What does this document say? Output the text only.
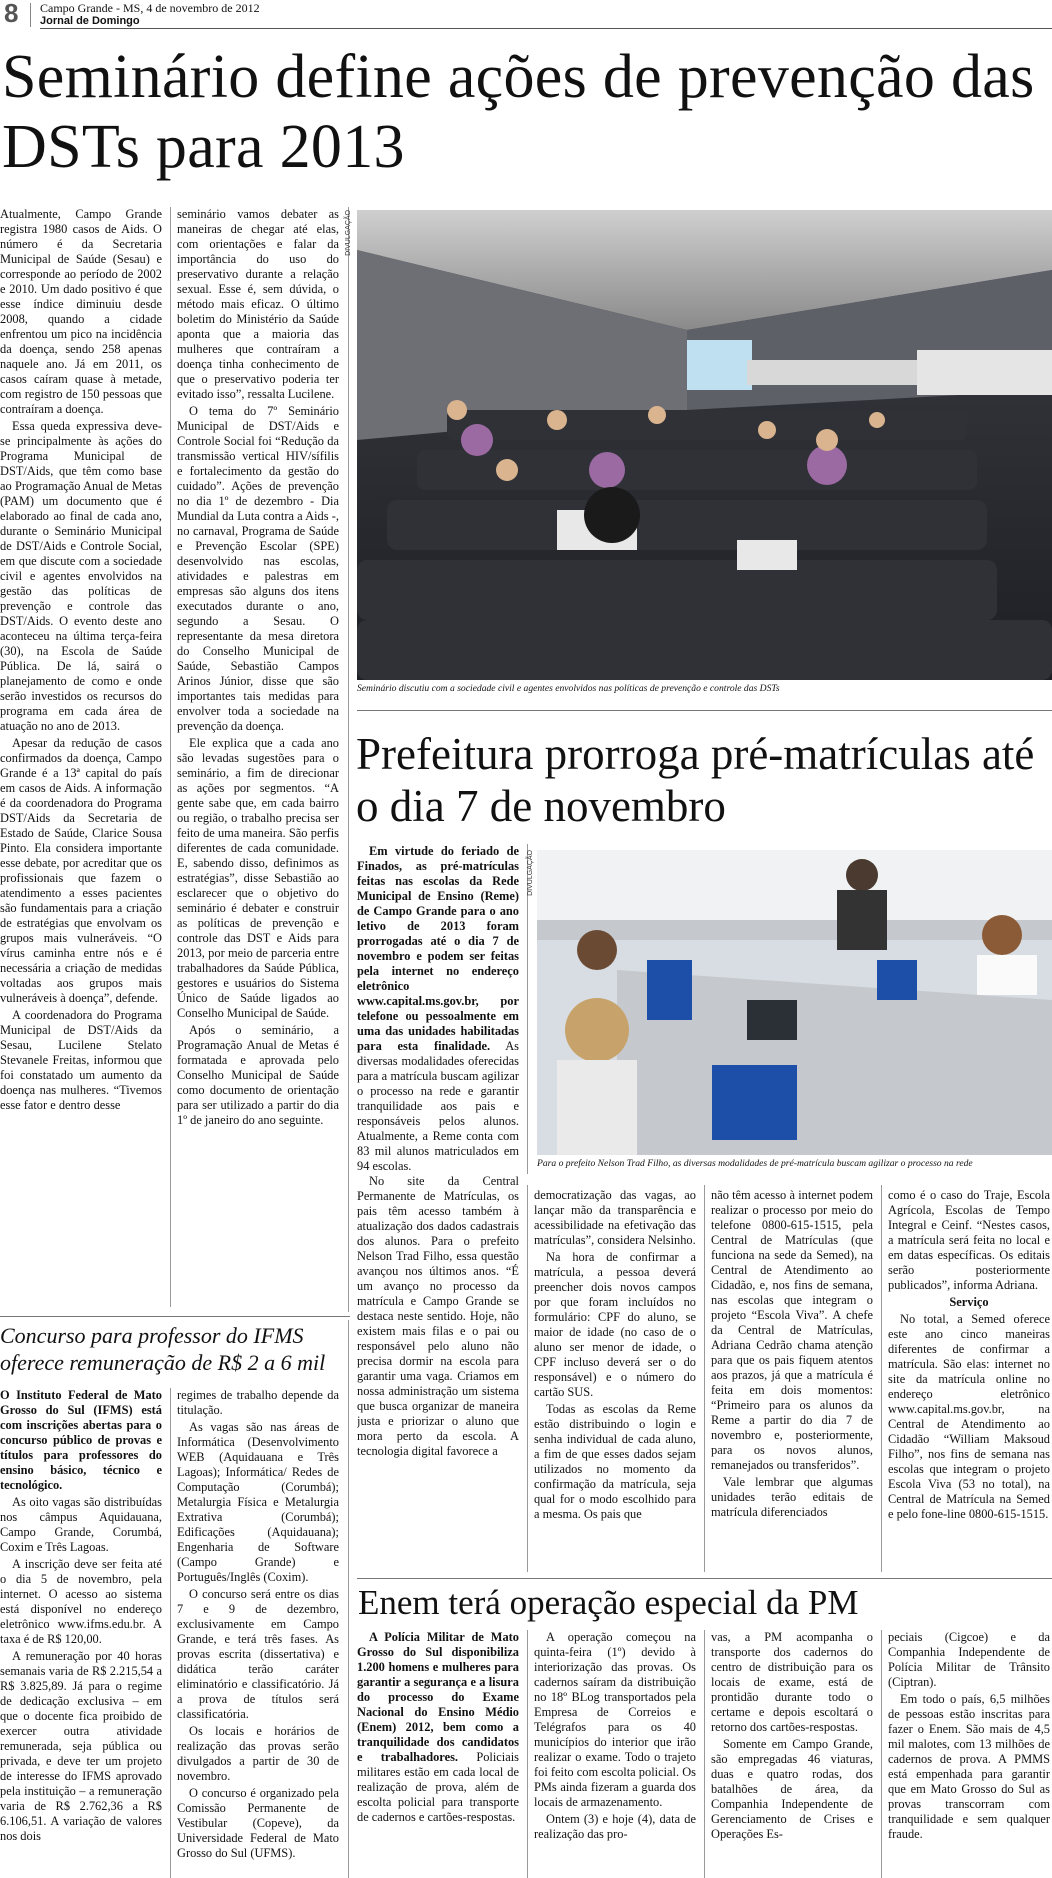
8 Campo Grande - MS, 4 de novembro de 2012
Jornal de Domingo
Seminário define ações de prevenção das DSTs para 2013

Atualmente, Campo Grande registra 1980 casos de Aids. O número é da Secretaria Municipal de Saúde (Sesau) e corresponde ao período de 2002 e 2010. Um dado positivo é que esse índice diminuiu desde 2008, quando a cidade enfrentou um pico na incidência da doença, sendo 258 apenas naquele ano. Já em 2011, os casos caíram quase à metade, com registro de 150 pessoas que contraíram a doença.

Essa queda expressiva deve-se principalmente às ações do Programa Municipal de DST/Aids, que têm como base ao Programação Anual de Metas (PAM) um documento que é elaborado ao final de cada ano, durante o Seminário Municipal de DST/Aids e Controle Social, em que discute com a sociedade civil e agentes envolvidos na gestão das políticas de prevenção e controle das DST/Aids. O evento deste ano aconteceu na última terça-feira (30), na Escola de Saúde Pública. De lá, sairá o planejamento de como e onde serão investidos os recursos do programa em cada área de atuação no ano de 2013.

Apesar da redução de casos confirmados da doença, Campo Grande é a 13ª capital do país em casos de Aids. A informação é da coordenadora do Programa DST/Aids da Secretaria de Estado de Saúde, Clarice Sousa Pinto. Ela considera importante esse debate, por acreditar que os profissionais que fazem o atendimento a esses pacientes são fundamentais para a criação de estratégias que envolvam os grupos mais vulneráveis. “O vírus caminha entre nós e é necessária a criação de medidas voltadas aos grupos mais vulneráveis à doença”, defende.

A coordenadora do Programa Municipal de DST/Aids da Sesau, Lucilene Stelato Stevanele Freitas, informou que foi constatado um aumento da doença nas mulheres. “Tivemos esse fator e dentro desse

seminário vamos debater as maneiras de chegar até elas, com orientações e falar da importância do uso do preservativo durante a relação sexual. Esse é, sem dúvida, o método mais eficaz. O último boletim do Ministério da Saúde aponta que a maioria das mulheres que contraíram a doença tinha conhecimento de que o preservativo poderia ter evitado isso”, ressalta Lucilene.

O tema do 7º Seminário Municipal de DST/Aids e Controle Social foi “Redução da transmissão vertical HIV/sífilis e fortalecimento da gestão do cuidado”. Ações de prevenção no dia 1º de dezembro - Dia Mundial da Luta contra a Aids -, no carnaval, Programa de Saúde e Prevenção Escolar (SPE) desenvolvido nas escolas, atividades e palestras em empresas são alguns dos itens executados durante o ano, segundo a Sesau. O representante da mesa diretora do Conselho Municipal de Saúde, Sebastião Campos Arinos Júnior, disse que são importantes tais medidas para envolver toda a sociedade na prevenção da doença.

Ele explica que a cada ano são levadas sugestões para o seminário, a fim de direcionar as ações por segmentos. “A gente sabe que, em cada bairro ou região, o trabalho precisa ser feito de uma maneira. São perfis diferentes de cada comunidade. E, sabendo disso, definimos as estratégias”, disse Sebastião ao esclarecer que o objetivo do seminário é debater e construir as políticas de prevenção e controle das DST e Aids para 2013, por meio de parceria entre trabalhadores da Saúde Pública, gestores e usuários do Sistema Único de Saúde ligados ao Conselho Municipal de Saúde.

Após o seminário, a Programação Anual de Metas é formatada e aprovada pelo Conselho Municipal de Saúde como documento de orientação para ser utilizado a partir do dia 1º de janeiro do ano seguinte.

DIVULGAÇÃO
Seminário discutiu com a sociedade civil e agentes envolvidos nas políticas de prevenção e controle das DSTs
Prefeitura prorroga pré-matrículas até o dia 7 de novembro

Em virtude do feriado de Finados, as pré-matrículas feitas nas escolas da Rede Municipal de Ensino (Reme) de Campo Grande para o ano letivo de 2013 foram prorrogadas até o dia 7 de novembro e podem ser feitas pela internet no endereço eletrônico www.capital.ms.gov.br, por telefone ou pessoalmente em uma das unidades habilitadas para esta finalidade. As diversas modalidades oferecidas para a matrícula buscam agilizar o processo na rede e garantir tranquilidade aos pais e responsáveis pelos alunos. Atualmente, a Reme conta com 83 mil alunos matriculados em 94 escolas.

DIVULGAÇÃO
Para o prefeito Nelson Trad Filho, as diversas modalidades de pré-matrícula buscam agilizar o processo na rede

No site da Central Permanente de Matrículas, os pais têm acesso também à atualização dos dados cadastrais dos alunos. Para o prefeito Nelson Trad Filho, essa questão avançou nos últimos anos. “É um avanço no processo da matrícula e Campo Grande se destaca neste sentido. Hoje, não existem mais filas e o pai ou responsável pelo aluno não precisa dormir na escola para garantir uma vaga. Criamos em nossa administração um sistema que busca organizar de maneira justa e priorizar o aluno que mora perto da escola. A tecnologia digital favorece a

democratização das vagas, ao lançar mão da transparência e acessibilidade na efetivação das matrículas”, considera Nelsinho.

Na hora de confirmar a matrícula, a pessoa deverá preencher dois novos campos por que foram incluídos no formulário: CPF do aluno, se maior de idade (no caso de o aluno ser menor de idade, o CPF incluso deverá ser o do responsável) e o número do cartão SUS.

Todas as escolas da Reme estão distribuindo o login e senha individual de cada aluno, a fim de que esses dados sejam utilizados no momento da confirmação da matrícula, seja qual for o modo escolhido para a mesma. Os pais que

não têm acesso à internet podem realizar o processo por meio do telefone 0800-615-1515, pela Central de Matrículas (que funciona na sede da Semed), na Central de Atendimento ao Cidadão, e, nos fins de semana, nas escolas que integram o projeto “Escola Viva”. A chefe da Central de Matrículas, Adriana Cedrão chama atenção para que os pais fiquem atentos aos prazos, já que a matrícula é feita em dois momentos: “Primeiro para os alunos da Reme a partir do dia 7 de novembro e, posteriormente, para os novos alunos, remanejados ou transferidos”.

Vale lembrar que algumas unidades terão editais de matrícula diferenciados

como é o caso do Traje, Escola Agrícola, Escolas de Tempo Integral e Ceinf. “Nestes casos, a matrícula será feita no local e em datas específicas. Os editais serão posteriormente publicados”, informa Adriana.

Serviço

No total, a Semed oferece este ano cinco maneiras diferentes de confirmar a matrícula. São elas: internet no site da matrícula online no endereço eletrônico www.capital.ms.gov.br, na Central de Atendimento ao Cidadão “William Maksoud Filho”, nos fins de semana nas escolas que integram o projeto Escola Viva (53 no total), na Central de Matrícula na Semed e pelo fone-line 0800-615-1515.

Concurso para professor do IFMS oferece remuneração de R$ 2 a 6 mil

O Instituto Federal de Mato Grosso do Sul (IFMS) está com inscrições abertas para o concurso público de provas e títulos para professores do ensino básico, técnico e tecnológico.

As oito vagas são distribuídas nos câmpus Aquidauana, Campo Grande, Corumbá, Coxim e Três Lagoas.

A inscrição deve ser feita até o dia 5 de novembro, pela internet. O acesso ao sistema está disponível no endereço eletrônico www.ifms.edu.br. A taxa é de R$ 120,00.

A remuneração por 40 horas semanais varia de R$ 2.215,54 a R$ 3.825,89. Já para o regime de dedicação exclusiva – em que o docente fica proibido de exercer outra atividade remunerada, seja pública ou privada, e deve ter um projeto de interesse do IFMS aprovado pela instituição – a remuneração varia de R$ 2.762,36 a R$ 6.106,51. A variação de valores nos dois

regimes de trabalho depende da titulação.

As vagas são nas áreas de Informática (Desenvolvimento WEB (Aquidauana e Três Lagoas); Informática/ Redes de Computação (Corumbá); Metalurgia Física e Metalurgia Extrativa (Corumbá); Edificações (Aquidauana); Engenharia de Software (Campo Grande) e Português/Inglês (Coxim).

O concurso será entre os dias 7 e 9 de dezembro, exclusivamente em Campo Grande, e terá três fases. As provas escrita (dissertativa) e didática terão caráter eliminatório e classificatório. Já a prova de títulos será classificatória.

Os locais e horários de realização das provas serão divulgados a partir de 30 de novembro.

O concurso é organizado pela Comissão Permanente de Vestibular (Copeve), da Universidade Federal de Mato Grosso do Sul (UFMS).

Enem terá operação especial da PM

A Polícia Militar de Mato Grosso do Sul disponibiliza 1.200 homens e mulheres para garantir a segurança e a lisura do processo do Exame Nacional do Ensino Médio (Enem) 2012, bem como a tranquilidade dos candidatos e trabalhadores. Policiais militares estão em cada local de realização de prova, além de escolta policial para transporte de cadernos e cartões-respostas.

A operação começou na quinta-feira (1º) devido à interiorização das provas. Os cadernos saíram da distribuição no 18º BLog transportados pela Empresa de Correios e Telégrafos para os 40 municípios do interior que irão realizar o exame. Todo o trajeto foi feito com escolta policial. Os PMs ainda fizeram a guarda dos locais de armazenamento.

Ontem (3) e hoje (4), data de realização das pro-

vas, a PM acompanha o transporte dos cadernos do centro de distribuição para os locais de exame, está de prontidão durante todo o certame e depois escoltará o retorno dos cartões-respostas.

Somente em Campo Grande, são empregadas 46 viaturas, duas e quatro rodas, dos batalhões de área, da Companhia Independente de Gerenciamento de Crises e Operações Es-

peciais (Cigcoe) e da Companhia Independente de Polícia Militar de Trânsito (Ciptran).

Em todo o país, 6,5 milhões de pessoas estão inscritas para fazer o Enem. São mais de 4,5 mil malotes, com 13 milhões de cadernos de prova. A PMMS está empenhada para garantir que em Mato Grosso do Sul as provas transcorram com tranquilidade e sem qualquer fraude.
